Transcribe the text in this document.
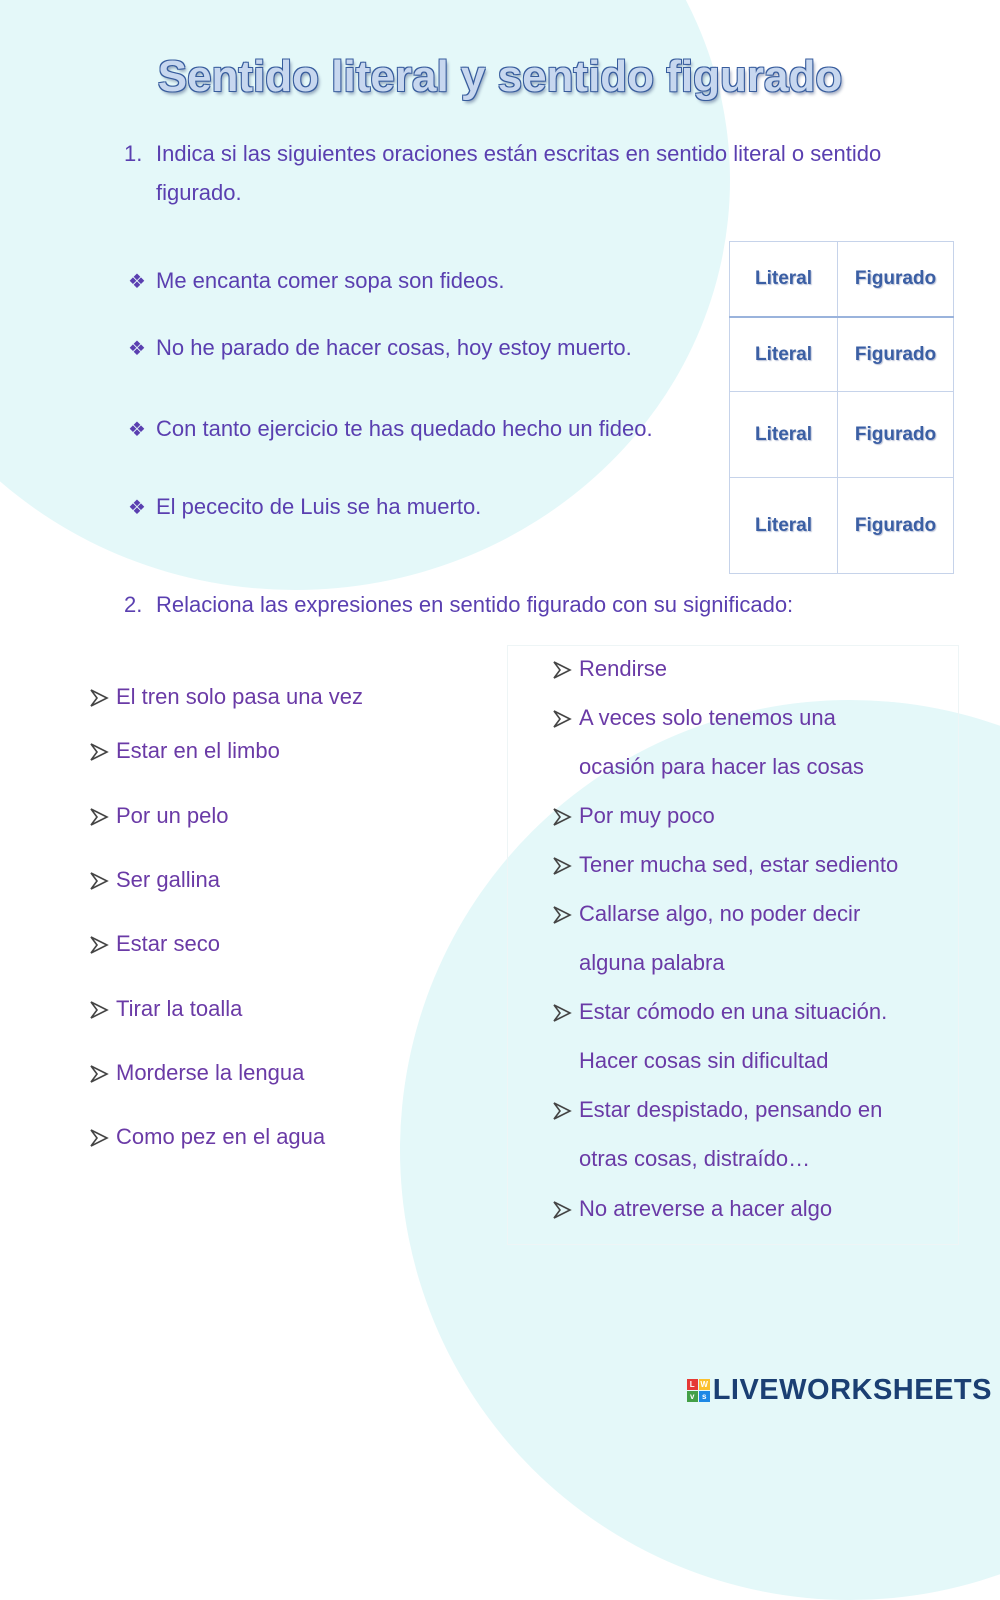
Sentido literal y sentido figurado
1. Indica si las siguientes oraciones están escritas en sentido literal o sentido figurado.
❖ Me encanta comer sopa son fideos.
❖ No he parado de hacer cosas, hoy estoy muerto.
❖ Con tanto ejercicio te has quedado hecho un fideo.
❖ El pececito de Luis se ha muerto.
Literal	Figurado
Literal	Figurado
Literal	Figurado
Literal	Figurado
2. Relaciona las expresiones en sentido figurado con su significado:
El tren solo pasa una vez
Estar en el limbo
Por un pelo
Ser gallina
Estar seco
Tirar la toalla
Morderse la lengua
Como pez en el agua
Rendirse
A veces solo tenemos una
ocasión para hacer las cosas
Por muy poco
Tener mucha sed, estar sediento
Callarse algo, no poder decir
alguna palabra
Estar cómodo en una situación.
Hacer cosas sin dificultad
Estar despistado, pensando en
otras cosas, distraído…
No atreverse a hacer algo
L W
v s LIVEWORKSHEETS
